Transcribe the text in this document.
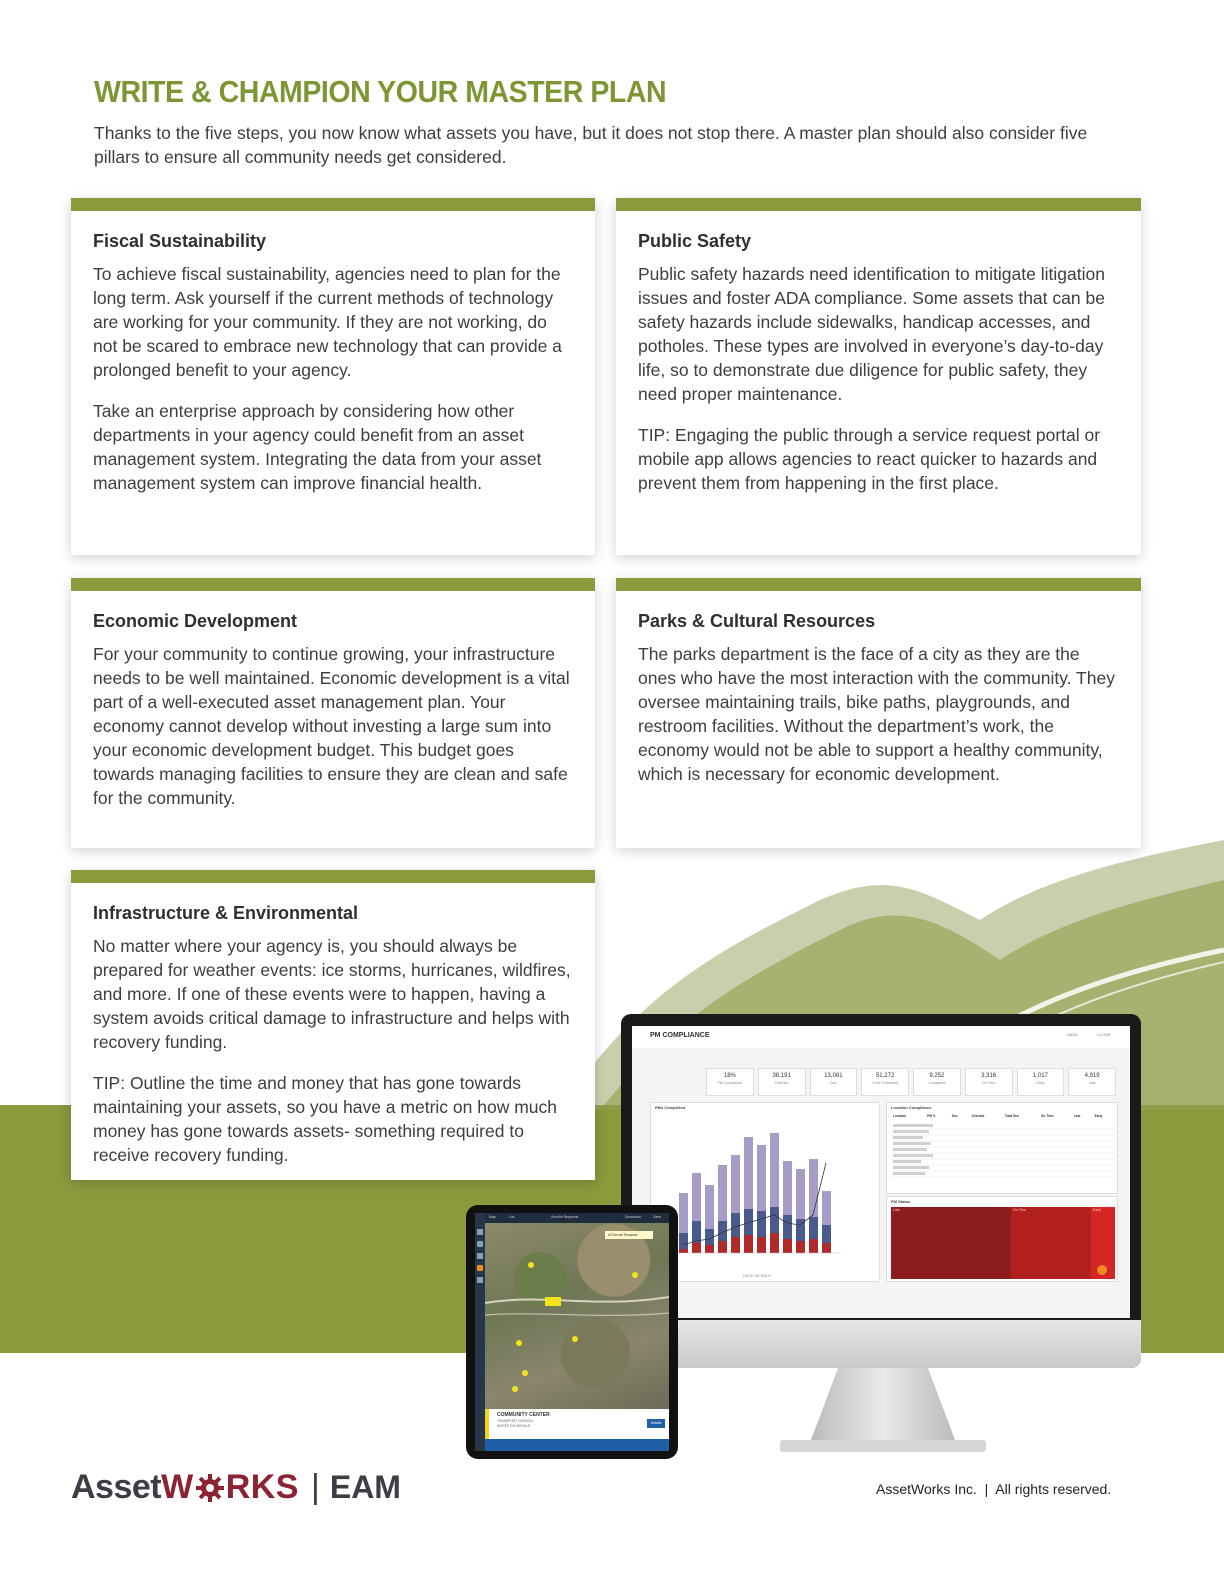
WRITE & CHAMPION YOUR MASTER PLAN

Thanks to the five steps, you now know what assets you have, but it does not stop there. A master plan should also consider five pillars to ensure all community needs get considered.

Fiscal Sustainability

To achieve fiscal sustainability, agencies need to plan for the long term. Ask yourself if the current methods of technology are working for your community. If they are not working, do not be scared to embrace new technology that can provide a prolonged benefit to your agency.

Take an enterprise approach by considering how other departments in your agency could benefit from an asset management system. Integrating the data from your asset management system can improve financial health.

Public Safety

Public safety hazards need identification to mitigate litigation issues and foster ADA compliance. Some assets that can be safety hazards include sidewalks, handicap accesses, and potholes. These types are involved in everyone’s day-to-day life, so to demonstrate due diligence for public safety, they need proper maintenance.

TIP: Engaging the public through a service request portal or mobile app allows agencies to react quicker to hazards and prevent them from happening in the first place.

Economic Development

For your community to continue growing, your infrastructure needs to be well maintained. Economic development is a vital part of a well-executed asset management plan. Your economy cannot develop without investing a large sum into your economic development budget. This budget goes towards managing facilities to ensure they are clean and safe for the community.

Parks & Cultural Resources

The parks department is the face of a city as they are the ones who have the most interaction with the community. They oversee maintaining trails, bike paths, playgrounds, and restroom facilities. Without the department’s work, the economy would not be able to support a healthy community, which is necessary for economic development.

Infrastructure & Environmental

No matter where your agency is, you should always be prepared for weather events: ice storms, hurricanes, wildfires, and more. If one of these events were to happen, having a system avoids critical damage to infrastructure and helps with recovery funding.

TIP: Outline the time and money that has gone towards maintaining your assets, so you have a metric on how much money has gone towards assets- something required to receive recovery funding.

PM COMPLIANCE	DATA	CLOSE
18%
PM Compliance
38,191
Overdue
13,081
Due
51,272
To be Completed
9,252
Completed
3,316
On Time
1,017
Early
4,919
Late
PMs Completed
DATE DETAILS
Location Compliance
Location	PM %	Due	Overdue	Total Due	On Time	Late	Early
PM Status
Late	On Time	Early
Map	List	Service Requests	Download	Save
All Service Requests
COMMUNITY CENTER
TRANSPORT DIVISION
INSPECT/SCHEDULE
Details
Asset W RKS | EAM	AssetWorks Inc.  |  All rights reserved.
